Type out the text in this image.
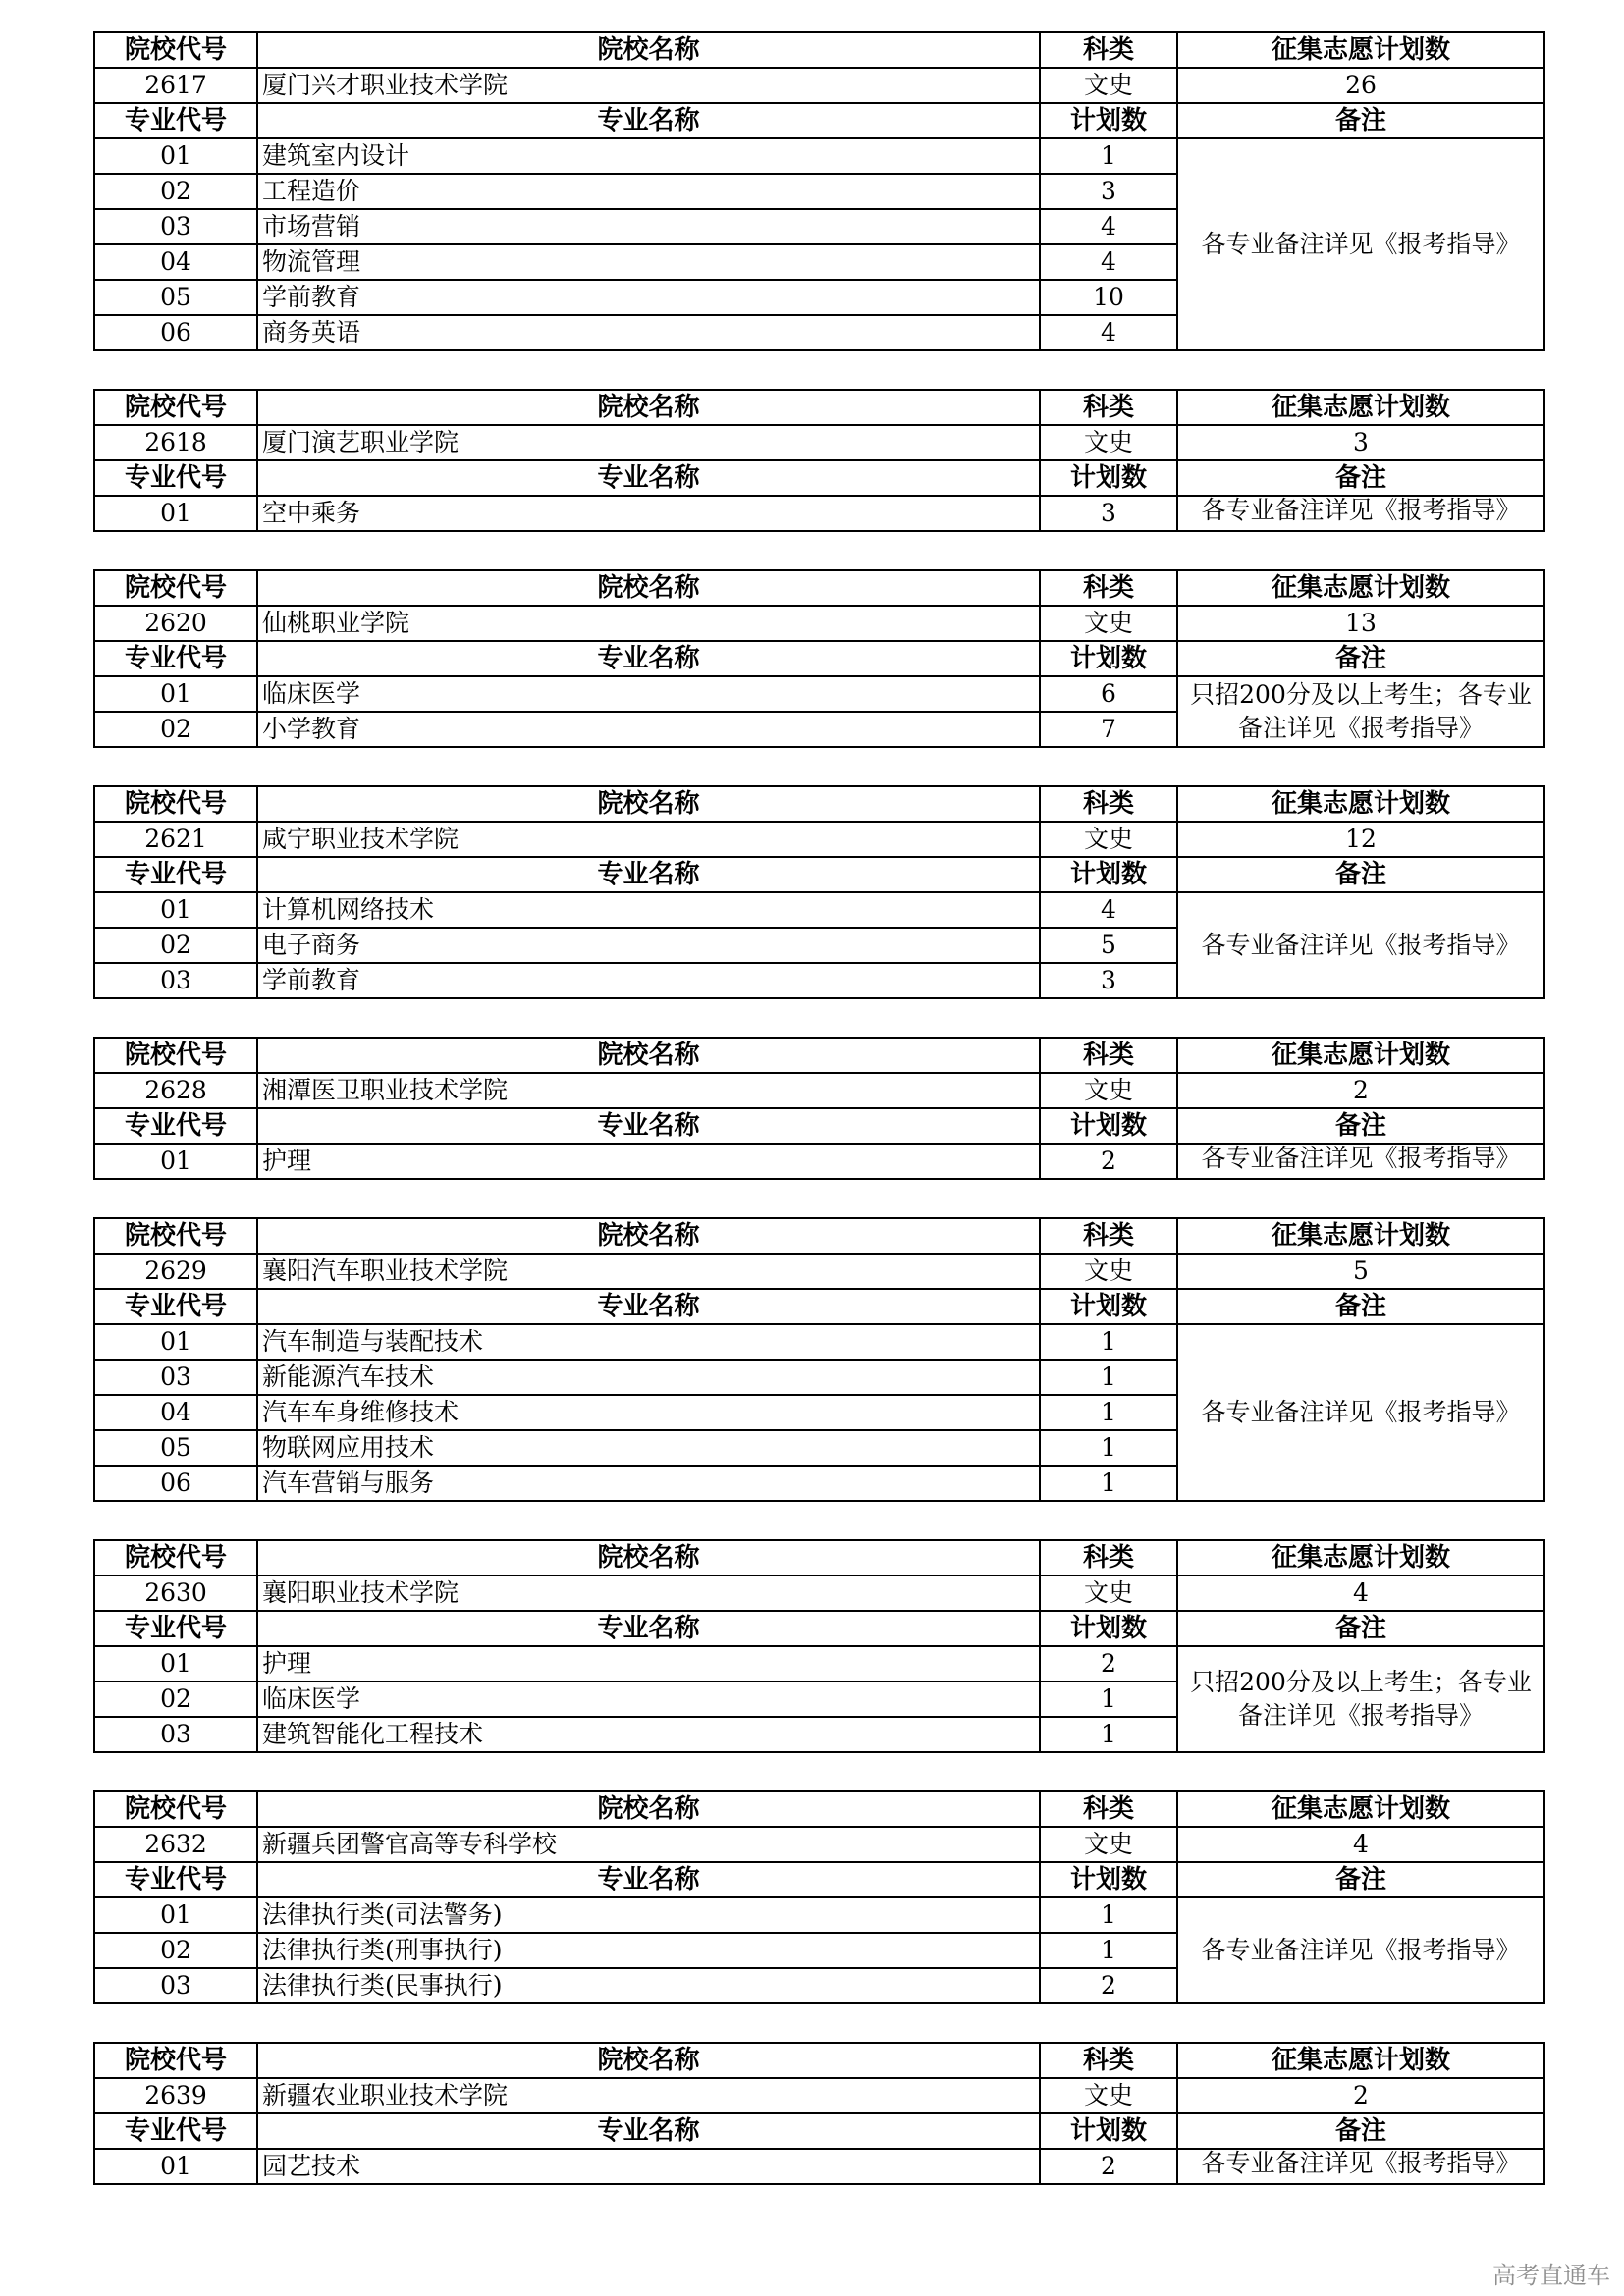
院校代号	院校名称	科类	征集志愿计划数
2617	厦门兴才职业技术学院	文史	26
专业代号	专业名称	计划数	备注
01	建筑室内设计	1	各专业备注详见《报考指导》
02	工程造价	3	
03	市场营销	4	
04	物流管理	4	
05	学前教育	10	
06	商务英语	4	
院校代号	院校名称	科类	征集志愿计划数
2618	厦门演艺职业学院	文史	3
专业代号	专业名称	计划数	备注
01	空中乘务	3	各专业备注详见《报考指导》
院校代号	院校名称	科类	征集志愿计划数
2620	仙桃职业学院	文史	13
专业代号	专业名称	计划数	备注
01	临床医学	6	只招200分及以上考生；各专业备注详见《报考指导》
02	小学教育	7	
院校代号	院校名称	科类	征集志愿计划数
2621	咸宁职业技术学院	文史	12
专业代号	专业名称	计划数	备注
01	计算机网络技术	4	各专业备注详见《报考指导》
02	电子商务	5	
03	学前教育	3	
院校代号	院校名称	科类	征集志愿计划数
2628	湘潭医卫职业技术学院	文史	2
专业代号	专业名称	计划数	备注
01	护理	2	各专业备注详见《报考指导》
院校代号	院校名称	科类	征集志愿计划数
2629	襄阳汽车职业技术学院	文史	5
专业代号	专业名称	计划数	备注
01	汽车制造与装配技术	1	各专业备注详见《报考指导》
03	新能源汽车技术	1	
04	汽车车身维修技术	1	
05	物联网应用技术	1	
06	汽车营销与服务	1	
院校代号	院校名称	科类	征集志愿计划数
2630	襄阳职业技术学院	文史	4
专业代号	专业名称	计划数	备注
01	护理	2	只招200分及以上考生；各专业备注详见《报考指导》
02	临床医学	1	
03	建筑智能化工程技术	1	
院校代号	院校名称	科类	征集志愿计划数
2632	新疆兵团警官高等专科学校	文史	4
专业代号	专业名称	计划数	备注
01	法律执行类(司法警务)	1	各专业备注详见《报考指导》
02	法律执行类(刑事执行)	1	
03	法律执行类(民事执行)	2	
院校代号	院校名称	科类	征集志愿计划数
2639	新疆农业职业技术学院	文史	2
专业代号	专业名称	计划数	备注
01	园艺技术	2	各专业备注详见《报考指导》
高考直通车
